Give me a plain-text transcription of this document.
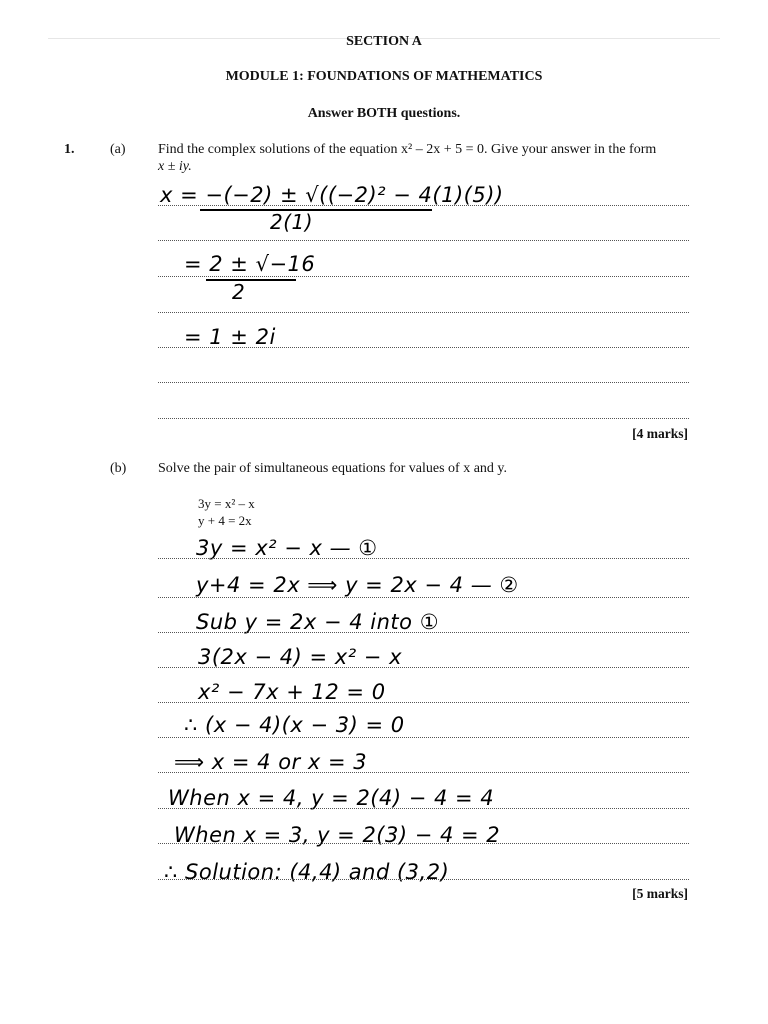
SECTION A
MODULE 1: FOUNDATIONS OF MATHEMATICS
Answer BOTH questions.
1.	(a) Find the complex solutions of the equation x² – 2x + 5 = 0. Give your answer in the form
x ± iy.
x = −(−2) ± √((−2)² − 4(1)(5))
2(1)
= 2 ± √−16
2
= 1 ± 2i
[4 marks]
(b) Solve the pair of simultaneous equations for values of x and y.
3y = x² – x
y + 4 = 2x
3y = x² − x — ①
y+4 = 2x ⟹ y = 2x − 4 — ②
Sub y = 2x − 4 into ①
3(2x − 4) = x² − x
x² − 7x + 12 = 0
∴ (x − 4)(x − 3) = 0
⟹ x = 4 or x = 3
When x = 4, y = 2(4) − 4 = 4
When x = 3, y = 2(3) − 4 = 2
∴ Solution: (4,4) and (3,2)
[5 marks]
